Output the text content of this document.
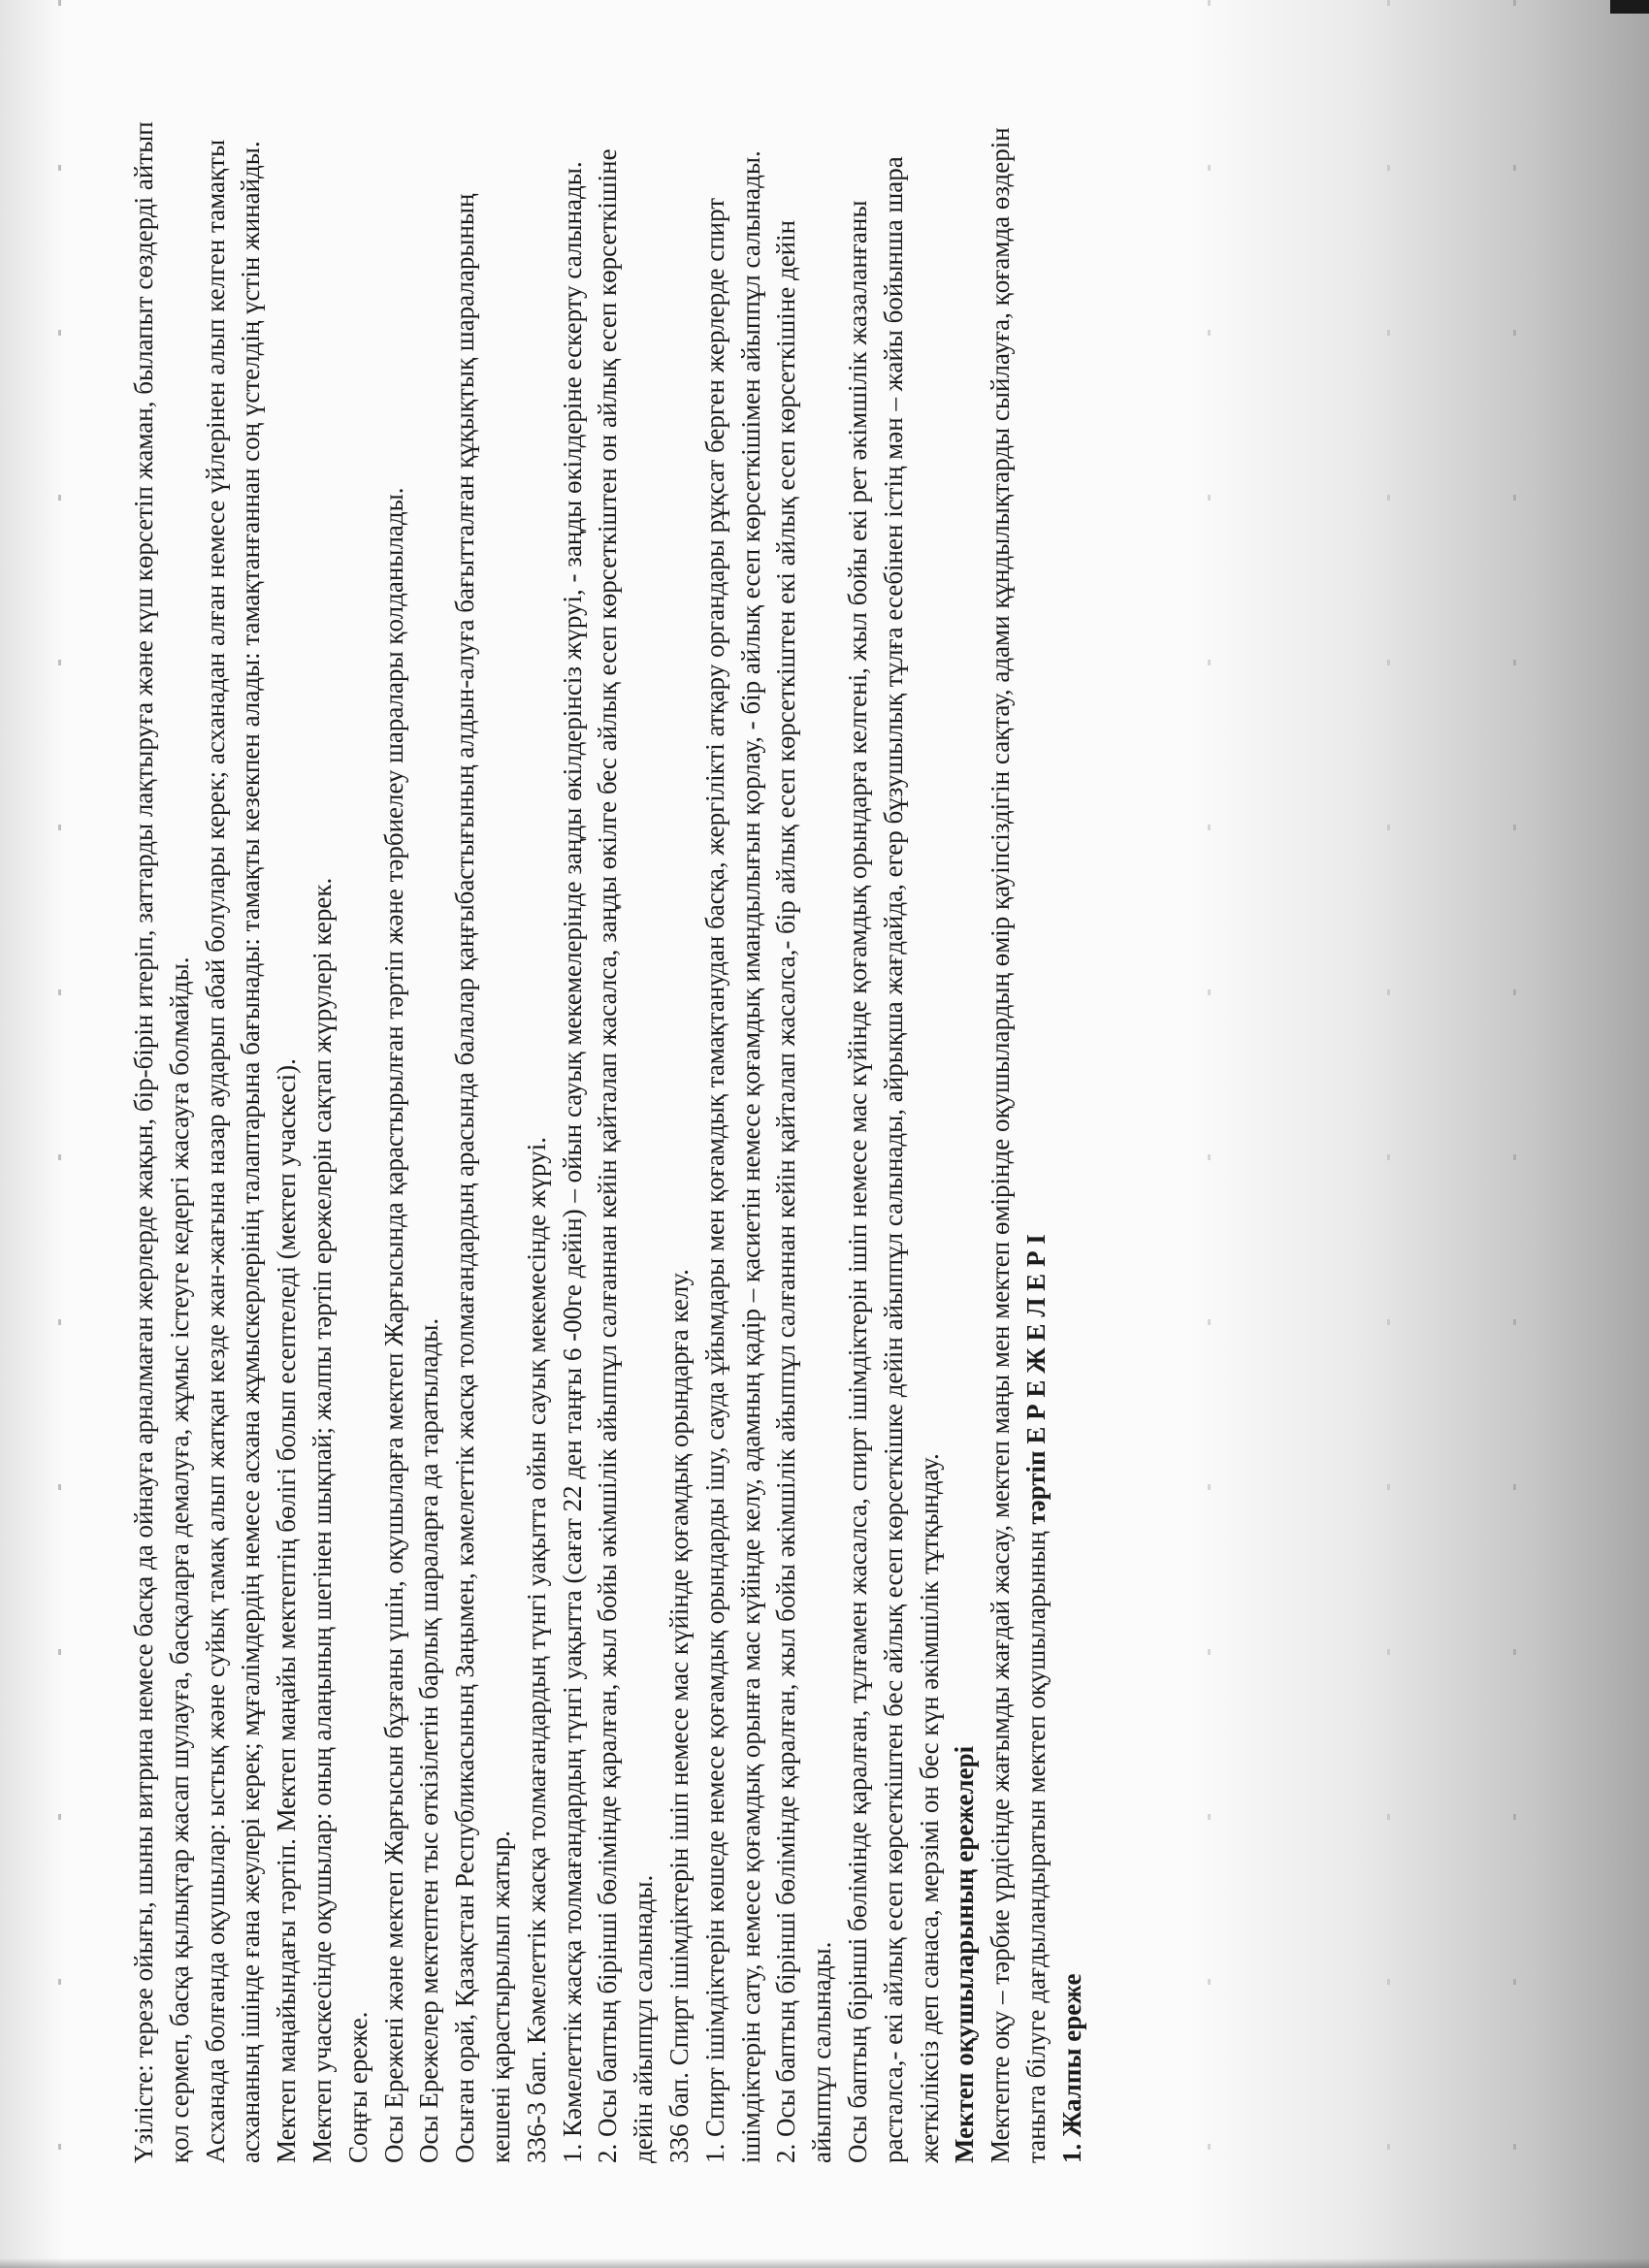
Үзілісте: терезе ойығы, шыны витрина немесе басқа да ойнауға арналмаған жерлерде жақын, бір-бірін итеріп, заттарды лақтыруға және күш көрсетіп жаман, былапыт сөздерді айтып қол сермеп, басқа қылықтар жасап шулауға, басқаларға демалуға, жұмыс істеуге кедергі жасауға болмайды. Асханада болғанда оқушылар: ыстық және суйық тамақ алып жатқан кезде жан-жағына назар аударып абай болулары керек; асханадан алған немесе үйлерінен алып келген тамақты асхананың ішінде ғана жеулері керек; мұғалімдердің немесе асхана жұмыскерлерінің талаптарына бағынады: тамақты кезекпен алады: тамақтанғаннан соң үстелдің үстін жинайды. Мектеп маңайындағы тәртіп. Мектеп маңайы мектептің бөлігі болып есептеледі (мектеп учаскесі). Мектеп учаскесінде оқушылар: оның алаңының шегінен шықпай; жалпы тәртіп ережелерін сақтап жүрулері керек. Соңғы ереже. Осы Ережені және мектеп Жарғысын бұзғаны үшін, оқушыларға мектеп Жарғысында қарастырылған тәртіп және тәрбиелеу шаралары қолданылады. Осы Ережелер мектептен тыс өткізілетін барлық шараларға да таратылады. Осыған орай, Қазақстан Республикасының Заңымен, кәмелеттік жасқа толмағандардың арасында балалар қаңғыбастығының алдын-алуға бағытталған құқықтық шараларының кешені қарастырылып жатыр. 336-3 бап. Кәмелеттік жасқа толмағандардың түнгі уақытта ойын сауық мекемесінде жүруі. 1. Кәмелеттік жасқа толмағандардың түнгі уақытта (сағат 22 ден таңғы 6 -00ге дейін) – ойын сауық мекемелерінде заңды өкілдерінсіз жүруі, - заңды өкілдеріне ескерту салынады. 2. Осы баптың бірінші бөлімінде қаралған, жыл бойы әкімшілік айыппұл салғаннан кейін қайталап жасалса, заңды өкілге бес айлық есеп көрсеткіштен он айлық есеп көрсеткішіне дейін айыппұл салынады. 336 бап. Спирт ішімдіктерін ішіп немесе мас күйінде қоғамдық орындарға келу. 1. Спирт ішімдіктерін көшеде немесе қоғамдық орындарды ішу, сауда ұйымдары мен қоғамдық тамақтанудан басқа, жергілікті атқару органдары рұқсат берген жерлерде спирт ішімдіктерін сату, немесе қоғамдық орынға мас күйінде келу, адамның қадір – қасиетін немесе қоғамдық имандылығын қорлау, - бір айлық есеп көрсеткішімен айыппұл салынады. 2. Осы баптың бірінші бөлімінде қаралған, жыл бойы әкімшілік айыппұл салғаннан кейін қайталап жасалса,- бір айлық есеп көрсеткіштен екі айлық есеп көрсеткішіне дейін айыппұл салынады. Осы баптың бірінші бөлімінде қаралған, тұлғамен жасалса, спирт ішімдіктерін ішіп немесе мас күйінде қоғамдық орындарға келгені, жыл бойы екі рет әкімшілік жазаланғаны расталса,- екі айлық есеп көрсеткіштен бес айлық есеп көрсеткішке дейін айыппұл салынады, айрықша жағдайда, егер бұзушылық тұлға есебінен істің мән – жайы бойынша шара жеткіліксіз деп санаса, мерзімі он бес күн әкімшілік тұтқындау. Мектеп оқушыларының ережелері Мектепте оқу – тәрбие үрдісінде жағымды жағдай жасау, мектеп маңы мен мектеп өмірінде оқушылардың өмір қауіпсіздігін сақтау, адами құндылықтарды сыйлауға, қоғамда өздерін таныта білуге дағдыландыратын мектеп оқушыларының тәртіп Е Р Е Ж Е Л Е Р І

1. Жалпы ереже
